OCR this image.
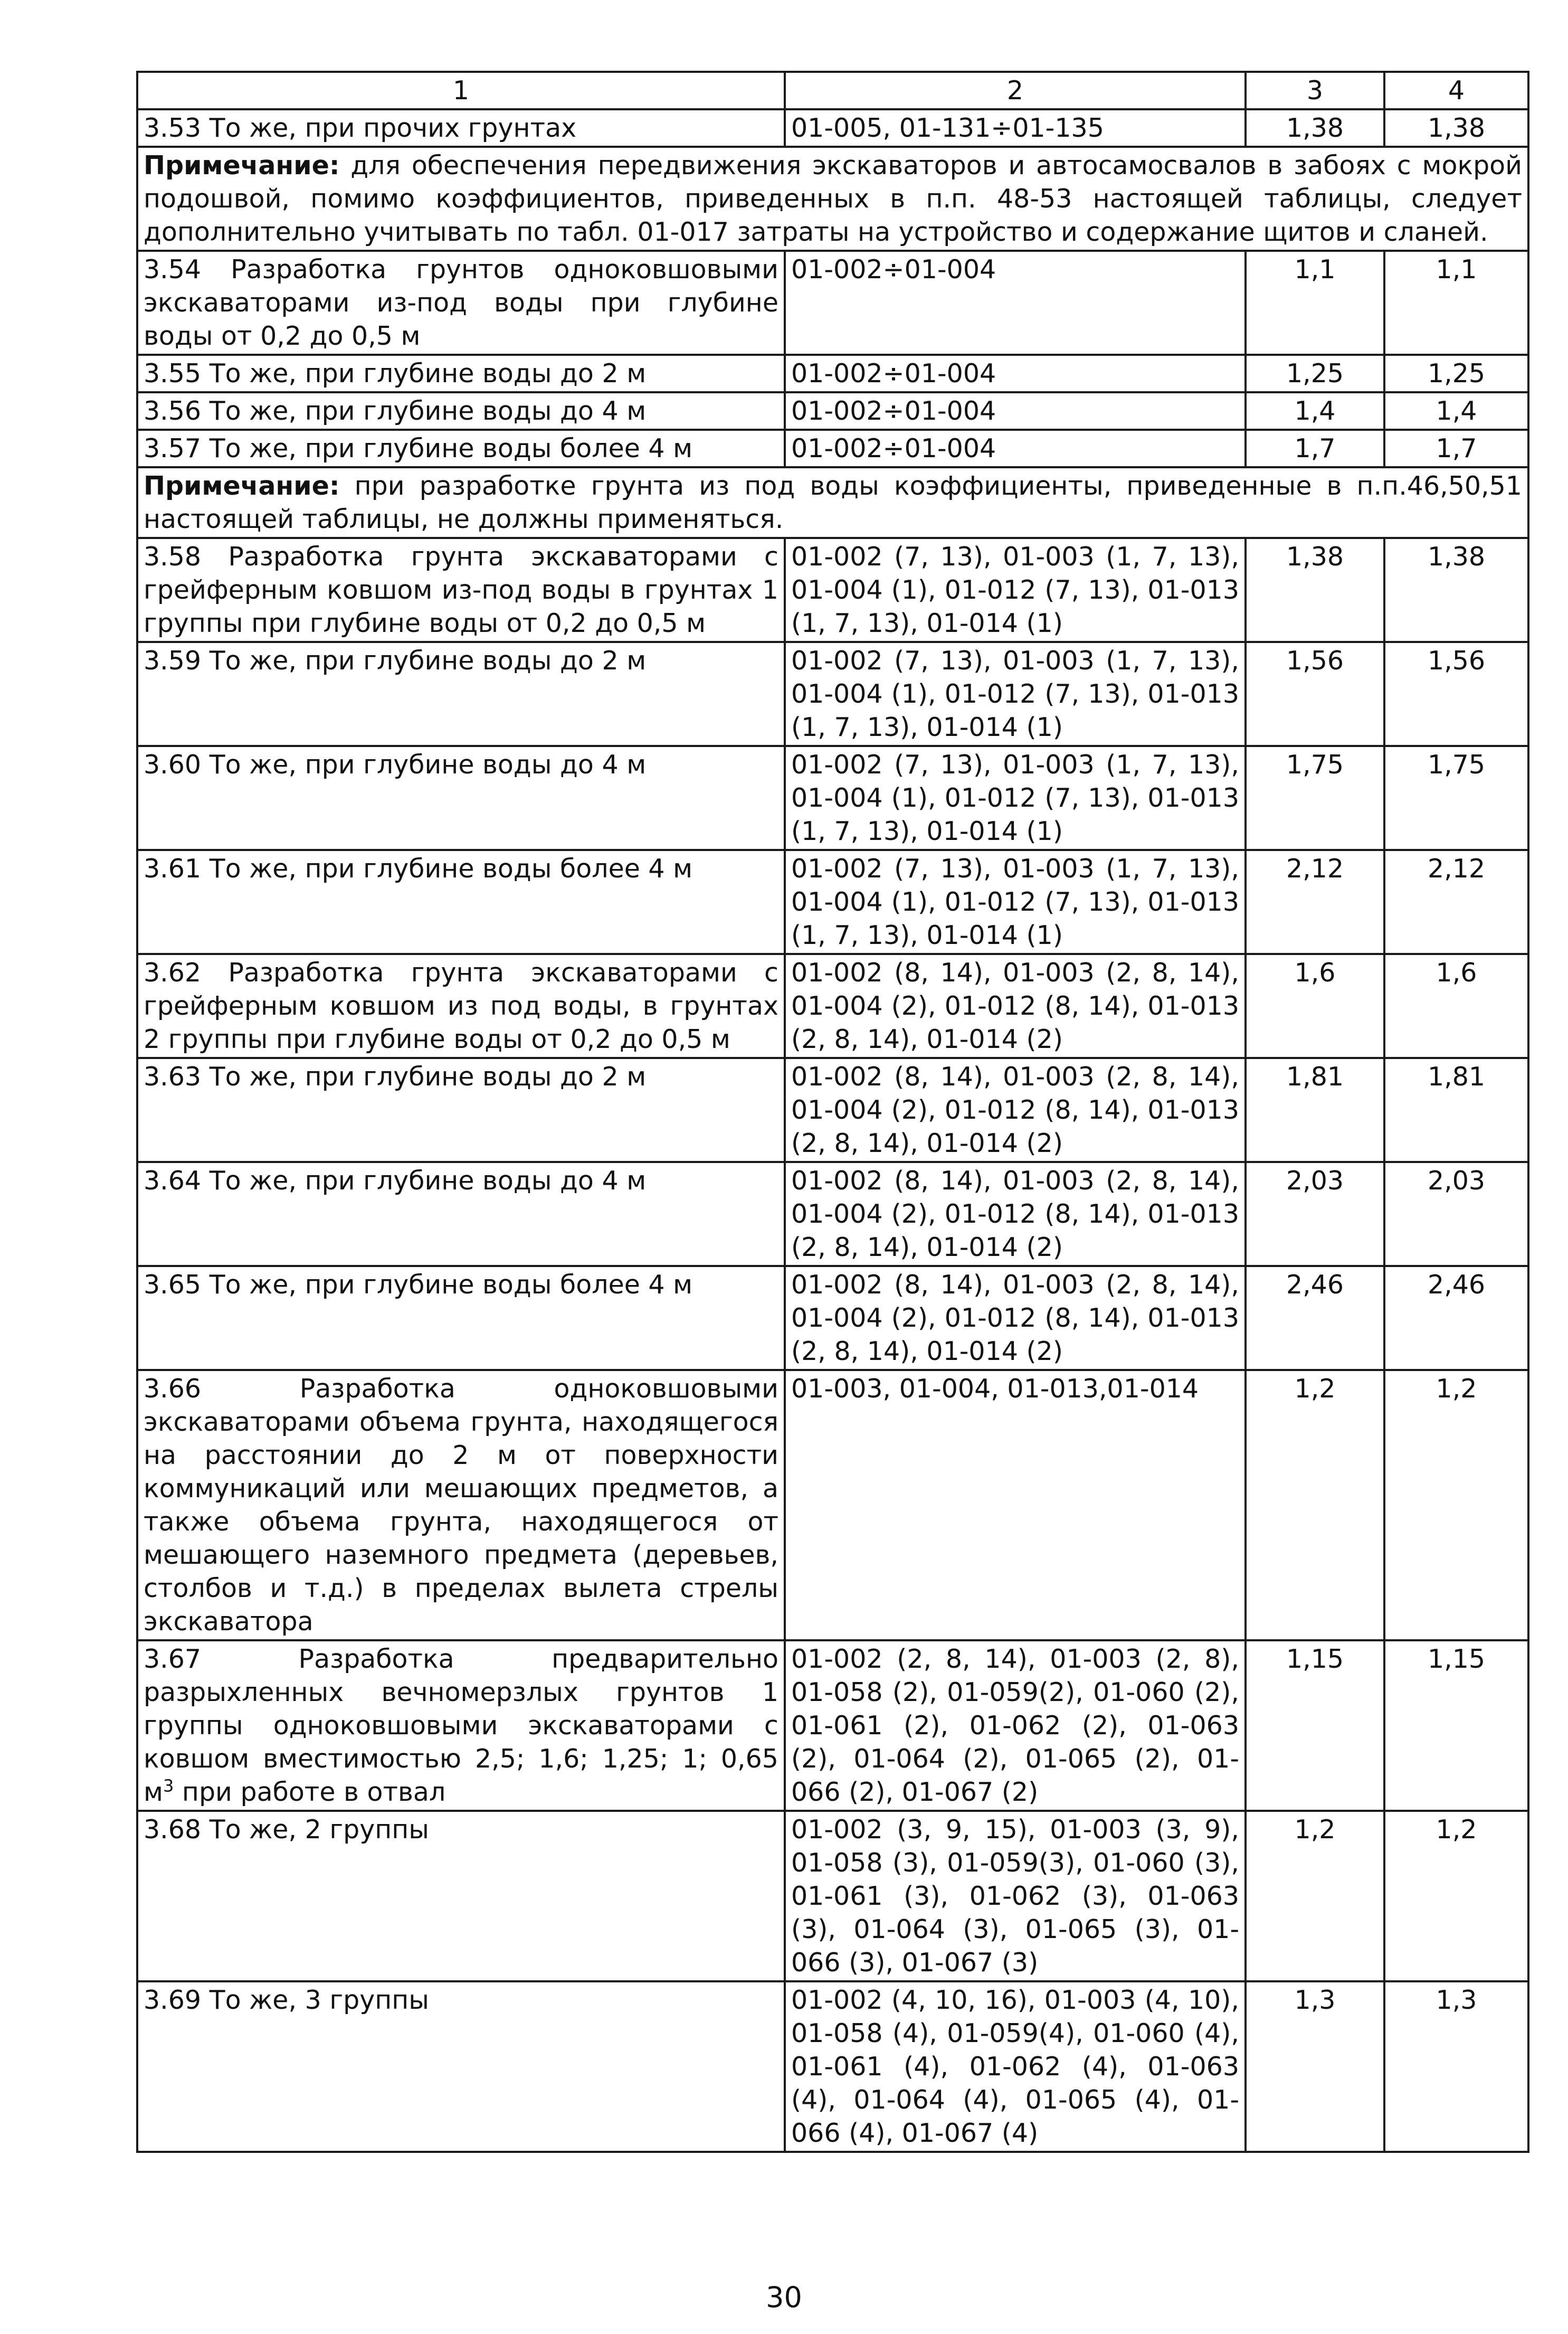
1	2	3	4
3.53 То же, при прочих грунтах	01-005, 01-131÷01-135	1,38	1,38
Примечание: для обеспечения передвижения экскаваторов и автосамосвалов в забоях с мокрой подошвой, помимо коэффициентов, приведенных в п.п. 48-53 настоящей таблицы, следует дополнительно учитывать по табл. 01-017 затраты на устройство и содержание щитов и сланей.			
3.54 Разработка грунтов одноковшовыми экскаваторами из-под воды при глубине воды от 0,2 до 0,5 м	01-002÷01-004	1,1	1,1
3.55 То же, при глубине воды до 2 м	01-002÷01-004	1,25	1,25
3.56 То же, при глубине воды до 4 м	01-002÷01-004	1,4	1,4
3.57 То же, при глубине воды более 4 м	01-002÷01-004	1,7	1,7
Примечание: при разработке грунта из под воды коэффициенты, приведенные в п.п.46,50,51 настоящей таблицы, не должны применяться.			
3.58 Разработка грунта экскаваторами с грейферным ковшом из-под воды в грунтах 1 группы при глубине воды от 0,2 до 0,5 м	01-002 (7, 13), 01-003 (1, 7, 13), 01-004 (1), 01-012 (7, 13), 01-013 (1, 7, 13), 01-014 (1)	1,38	1,38
3.59 То же, при глубине воды до 2 м	01-002 (7, 13), 01-003 (1, 7, 13), 01-004 (1), 01-012 (7, 13), 01-013 (1, 7, 13), 01-014 (1)	1,56	1,56
3.60 То же, при глубине воды до 4 м	01-002 (7, 13), 01-003 (1, 7, 13), 01-004 (1), 01-012 (7, 13), 01-013 (1, 7, 13), 01-014 (1)	1,75	1,75
3.61 То же, при глубине воды более 4 м	01-002 (7, 13), 01-003 (1, 7, 13), 01-004 (1), 01-012 (7, 13), 01-013 (1, 7, 13), 01-014 (1)	2,12	2,12
3.62 Разработка грунта экскаваторами с грейферным ковшом из под воды, в грунтах 2 группы при глубине воды от 0,2 до 0,5 м	01-002 (8, 14), 01-003 (2, 8, 14), 01-004 (2), 01-012 (8, 14), 01-013 (2, 8, 14), 01-014 (2)	1,6	1,6
3.63 То же, при глубине воды до 2 м	01-002 (8, 14), 01-003 (2, 8, 14), 01-004 (2), 01-012 (8, 14), 01-013 (2, 8, 14), 01-014 (2)	1,81	1,81
3.64 То же, при глубине воды до 4 м	01-002 (8, 14), 01-003 (2, 8, 14), 01-004 (2), 01-012 (8, 14), 01-013 (2, 8, 14), 01-014 (2)	2,03	2,03
3.65 То же, при глубине воды более 4 м	01-002 (8, 14), 01-003 (2, 8, 14), 01-004 (2), 01-012 (8, 14), 01-013 (2, 8, 14), 01-014 (2)	2,46	2,46
3.66 Разработка одноковшовыми экскаваторами объема грунта, находящегося на расстоянии до 2 м от поверхности коммуникаций или мешающих предметов, а также объема грунта, находящегося от мешающего наземного предмета (деревьев, столбов и т.д.) в пределах вылета стрелы экскаватора	01-003, 01-004, 01-013,01-014	1,2	1,2
3.67 Разработка предварительно разрыхленных вечномерзлых грунтов 1 группы одноковшовыми экскаваторами с ковшом вместимостью 2,5; 1,6; 1,25; 1; 0,65 $м^3$ при работе в отвал	01-002 (2, 8, 14), 01-003 (2, 8), 01-058 (2), 01-059(2), 01-060 (2), 01-061 (2), 01-062 (2), 01-063 (2), 01-064 (2), 01-065 (2), 01-066 (2), 01-067 (2)	1,15	1,15
3.68 То же, 2 группы	01-002 (3, 9, 15), 01-003 (3, 9), 01-058 (3), 01-059(3), 01-060 (3), 01-061 (3), 01-062 (3), 01-063 (3), 01-064 (3), 01-065 (3), 01-066 (3), 01-067 (3)	1,2	1,2
3.69 То же, 3 группы	01-002 (4, 10, 16), 01-003 (4, 10), 01-058 (4), 01-059(4), 01-060 (4), 01-061 (4), 01-062 (4), 01-063 (4), 01-064 (4), 01-065 (4), 01-066 (4), 01-067 (4)	1,3	1,3
30
